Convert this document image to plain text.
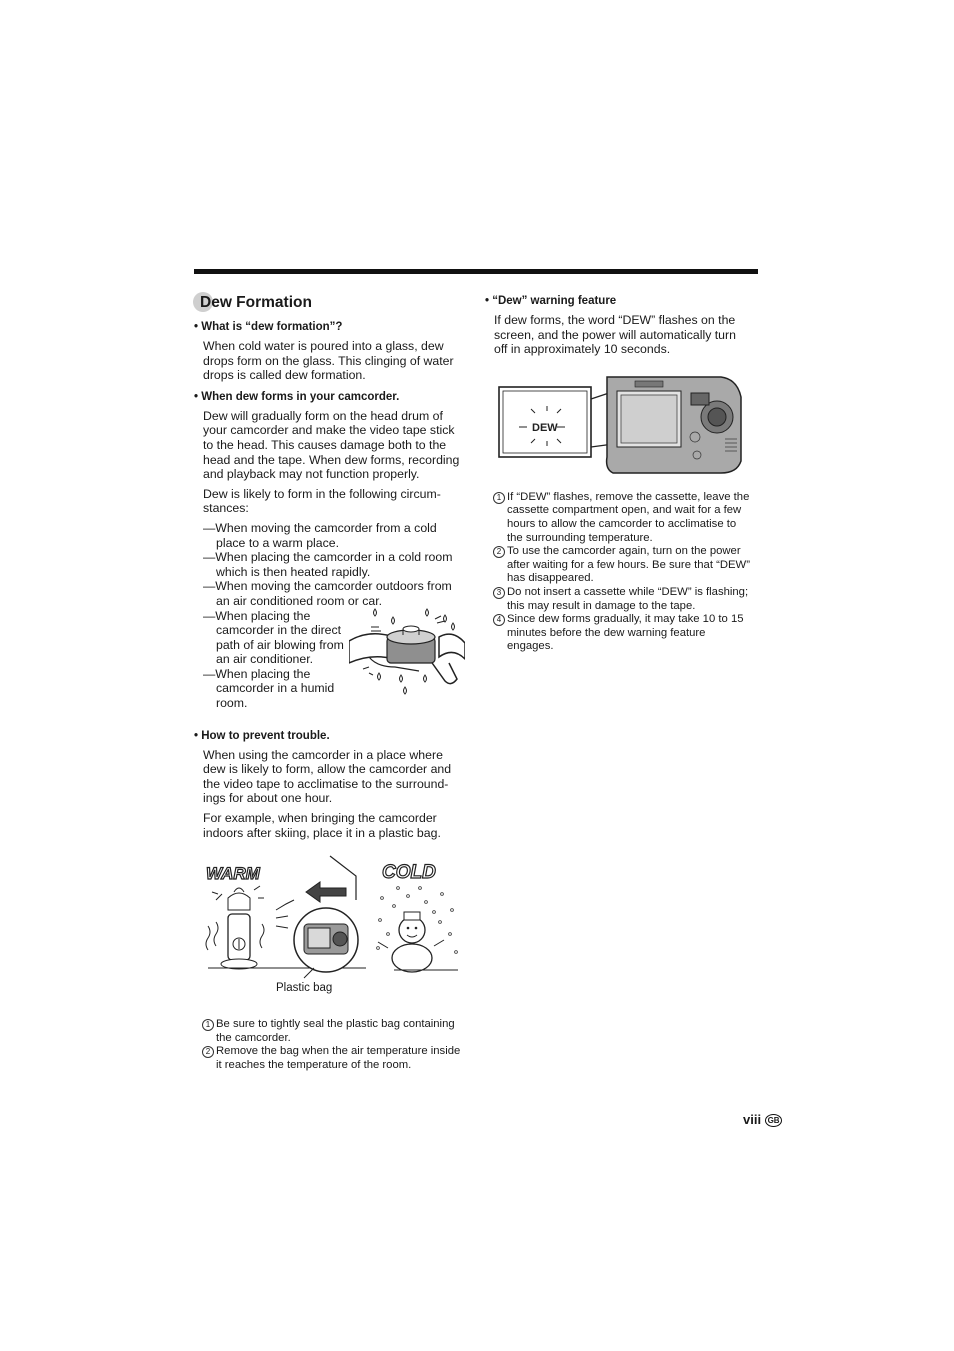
Dew Formation
• What is “dew formation”?
When cold water is poured into a glass, dew drops form on the glass. This clinging of water drops is called dew formation.
• When dew forms in your camcorder.
Dew will gradually form on the head drum of your camcorder and make the video tape stick to the head. This causes damage both to the head and the tape. When dew forms, recording and playback may not function properly.
Dew is likely to form in the following circum-stances:
—When moving the camcorder from a cold place to a warm place.
—When placing the camcorder in a cold room which is then heated rapidly.
—When moving the camcorder outdoors from an air conditioned room or car.
—When placing the camcorder in the direct path of air blowing from an air conditioner.
—When placing the camcorder in a humid room.
• How to prevent trouble.
When using the camcorder in a place where dew is likely to form, allow the camcorder and the video tape to acclimatise to the surround-ings for about one hour.
For example, when bringing the camcorder indoors after skiing, place it in a plastic bag.
WARM	COLD
Plastic bag
1 Be sure to tightly seal the plastic bag containing the camcorder.
2 Remove the bag when the air temperature inside it reaches the temperature of the room.
• “Dew” warning feature
If dew forms, the word “DEW” flashes on the screen, and the power will automatically turn off in approximately 10 seconds.
DEW
1 If “DEW” flashes, remove the cassette, leave the cassette compartment open, and wait for a few hours to allow the camcorder to acclimatise to the surrounding temperature.
2 To use the camcorder again, turn on the power after waiting for a few hours. Be sure that “DEW” has disappeared.
3 Do not insert a cassette while “DEW” is flashing; this may result in damage to the tape.
4 Since dew forms gradually, it may take 10 to 15 minutes before the dew warning feature engages.
viii GB
